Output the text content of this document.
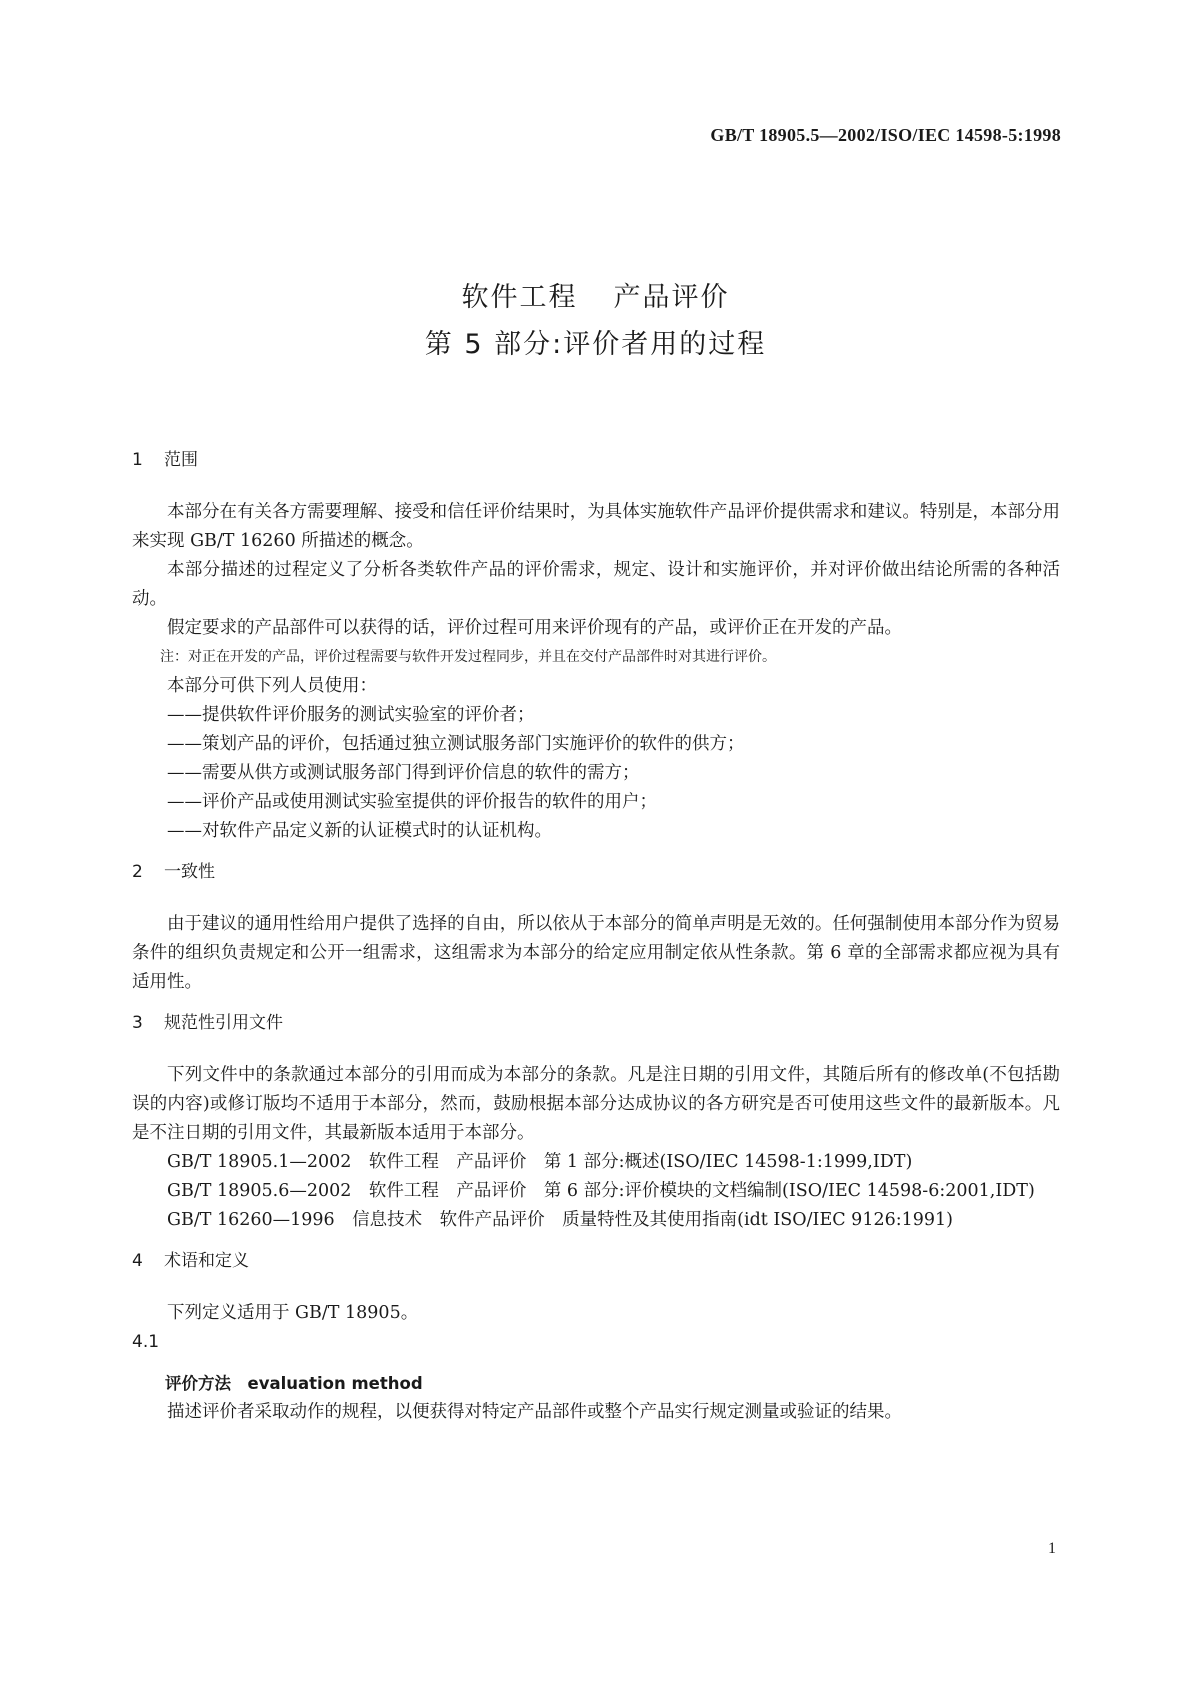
GB/T 18905.5—2002/ISO/IEC 14598-5:1998
软件工程 产品评价
第 5 部分:评价者用的过程
1 范围

本部分在有关各方需要理解、接受和信任评价结果时，为具体实施软件产品评价提供需求和建议。特别是，本部分用来实现 GB/T 16260 所描述的概念。

本部分描述的过程定义了分析各类软件产品的评价需求，规定、设计和实施评价，并对评价做出结论所需的各种活动。

假定要求的产品部件可以获得的话，评价过程可用来评价现有的产品，或评价正在开发的产品。

注：对正在开发的产品，评价过程需要与软件开发过程同步，并且在交付产品部件时对其进行评价。

本部分可供下列人员使用：

——提供软件评价服务的测试实验室的评价者；

——策划产品的评价，包括通过独立测试服务部门实施评价的软件的供方；

——需要从供方或测试服务部门得到评价信息的软件的需方；

——评价产品或使用测试实验室提供的评价报告的软件的用户；

——对软件产品定义新的认证模式时的认证机构。

2 一致性

由于建议的通用性给用户提供了选择的自由，所以依从于本部分的简单声明是无效的。任何强制使用本部分作为贸易条件的组织负责规定和公开一组需求，这组需求为本部分的给定应用制定依从性条款。第 6 章的全部需求都应视为具有适用性。

3 规范性引用文件

下列文件中的条款通过本部分的引用而成为本部分的条款。凡是注日期的引用文件，其随后所有的修改单(不包括勘误的内容)或修订版均不适用于本部分，然而，鼓励根据本部分达成协议的各方研究是否可使用这些文件的最新版本。凡是不注日期的引用文件，其最新版本适用于本部分。

GB/T 18905.1—2002　软件工程　产品评价　第 1 部分:概述(ISO/IEC 14598-1:1999,IDT)

GB/T 18905.6—2002　软件工程　产品评价　第 6 部分:评价模块的文档编制(ISO/IEC 14598-6:2001,IDT)

GB/T 16260—1996　信息技术　软件产品评价　质量特性及其使用指南(idt ISO/IEC 9126:1991)

4 术语和定义

下列定义适用于 GB/T 18905。

4.1

评价方法　evaluation method

描述评价者采取动作的规程，以便获得对特定产品部件或整个产品实行规定测量或验证的结果。

1
